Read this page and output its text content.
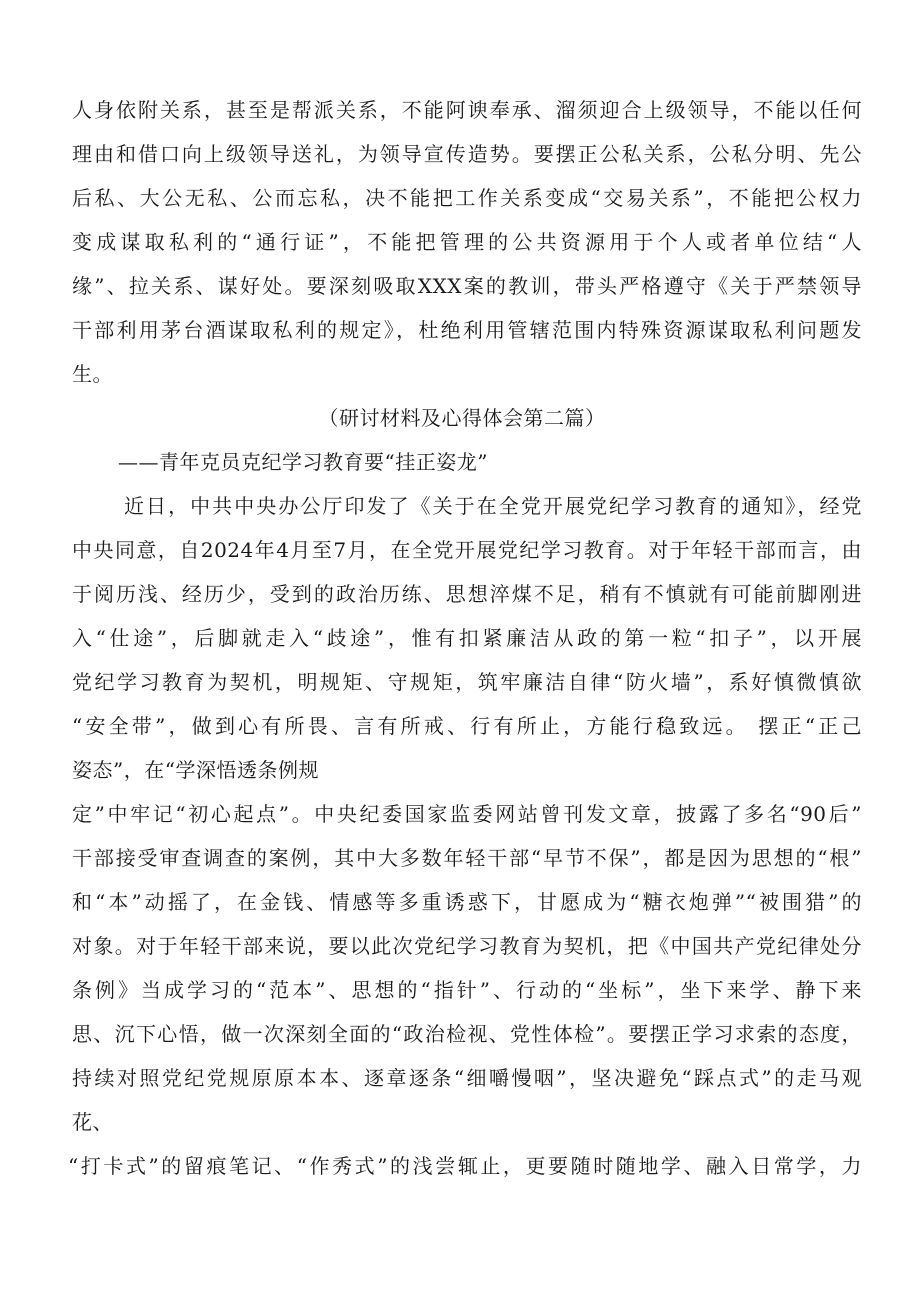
人身依附关系，甚至是帮派关系，不能阿谀奉承、溜须迎合上级领导，不能以任何
理由和借口向上级领导送礼，为领导宣传造势。要摆正公私关系，公私分明、先公
后私、大公无私、公而忘私，决不能把工作关系变成“交易关系”，不能把公权力
变成谋取私利的“通行证”，不能把管理的公共资源用于个人或者单位结“人
缘”、拉关系、谋好处。要深刻吸取XXX案的教训，带头严格遵守《关于严禁领导
干部利用茅台酒谋取私利的规定》，杜绝利用管辖范围内特殊资源谋取私利问题发
生。
（研讨材料及心得体会第二篇）
——青年克员克纪学习教育要“挂正姿龙”
近日，中共中央办公厅印发了《关于在全党开展党纪学习教育的通知》，经党
中央同意，自2024年4月至7月，在全党开展党纪学习教育。对于年轻干部而言，由
于阅历浅、经历少，受到的政治历练、思想淬煤不足，稍有不慎就有可能前脚刚进
入“仕途”，后脚就走入“歧途”，惟有扣紧廉洁从政的第一粒“扣子”，以开展
党纪学习教育为契机，明规矩、守规矩，筑牢廉洁自律“防火墙”，系好慎微慎欲
“安全带”，做到心有所畏、言有所戒、行有所止，方能行稳致远。 摆正“正己
姿态”，在“学深悟透条例规
定”中牢记“初心起点”。中央纪委国家监委网站曾刊发文章，披露了多名“90后”
干部接受审查调查的案例，其中大多数年轻干部“早节不保”，都是因为思想的“根”
和“本”动摇了，在金钱、情感等多重诱惑下，甘愿成为“糖衣炮弹”“被围猎”的
对象。对于年轻干部来说，要以此次党纪学习教育为契机，把《中国共产党纪律处分
条例》当成学习的“范本”、思想的“指针”、行动的“坐标”，坐下来学、静下来
思、沉下心悟，做一次深刻全面的“政治检视、党性体检”。要摆正学习求索的态度，
持续对照党纪党规原原本本、逐章逐条“细嚼慢咽”，坚决避免“踩点式”的走马观
花、
“打卡式”的留痕笔记、“作秀式”的浅尝辄止，更要随时随地学、融入日常学，力
